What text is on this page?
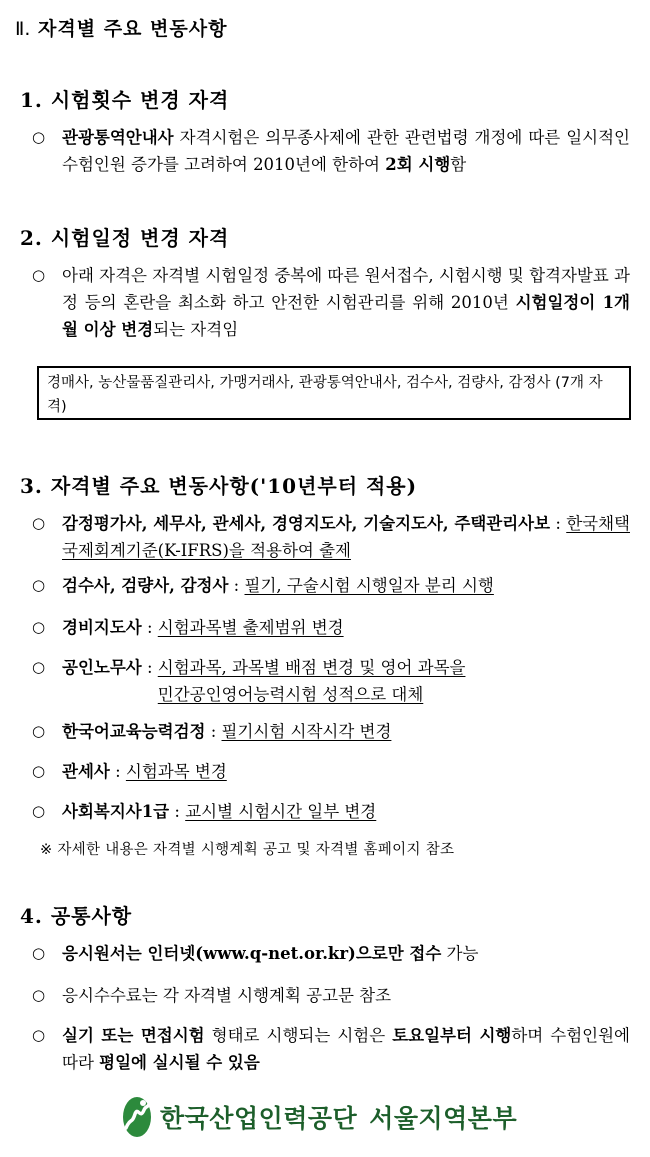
Ⅱ. 자격별 주요 변동사항
1. 시험횟수 변경 자격
○	관광통역안내사 자격시험은 의무종사제에 관한 관련법령 개정에 따른 일시적인 수험인원 증가를 고려하여 2010년에 한하여 2회 시행함
2. 시험일정 변경 자격
○	아래 자격은 자격별 시험일정 중복에 따른 원서접수, 시험시행 및 합격자발표 과정 등의 혼란을 최소화 하고 안전한 시험관리를 위해 2010년 시험일정이 1개월 이상 변경되는 자격임
경매사, 농산물품질관리사, 가맹거래사, 관광통역안내사, 검수사, 검량사, 감정사 (7개 자격)
3. 자격별 주요 변동사항('10년부터 적용)
○	감정평가사, 세무사, 관세사, 경영지도사, 기술지도사, 주택관리사보 : 한국채택국제회계기준(K-IFRS)을 적용하여 출제
○	검수사, 검량사, 감정사 : 필기, 구술시험 시행일자 분리 시행
○	경비지도사 : 시험과목별 출제범위 변경
○	공인노무사 : 시험과목, 과목별 배점 변경 및 영어 과목을
민간공인영어능력시험 성적으로 대체
○	한국어교육능력검정 : 필기시험 시작시각 변경
○	관세사 : 시험과목 변경
○	사회복지사1급 : 교시별 시험시간 일부 변경
※ 자세한 내용은 자격별 시행계획 공고 및 자격별 홈페이지 참조
4. 공통사항
○	응시원서는 인터넷(www.q-net.or.kr)으로만 접수 가능
○	응시수수료는 각 자격별 시행계획 공고문 참조
○	실기 또는 면접시험 형태로 시행되는 시험은 토요일부터 시행하며 수험인원에 따라 평일에 실시될 수 있음
한국산업인력공단 서울지역본부
